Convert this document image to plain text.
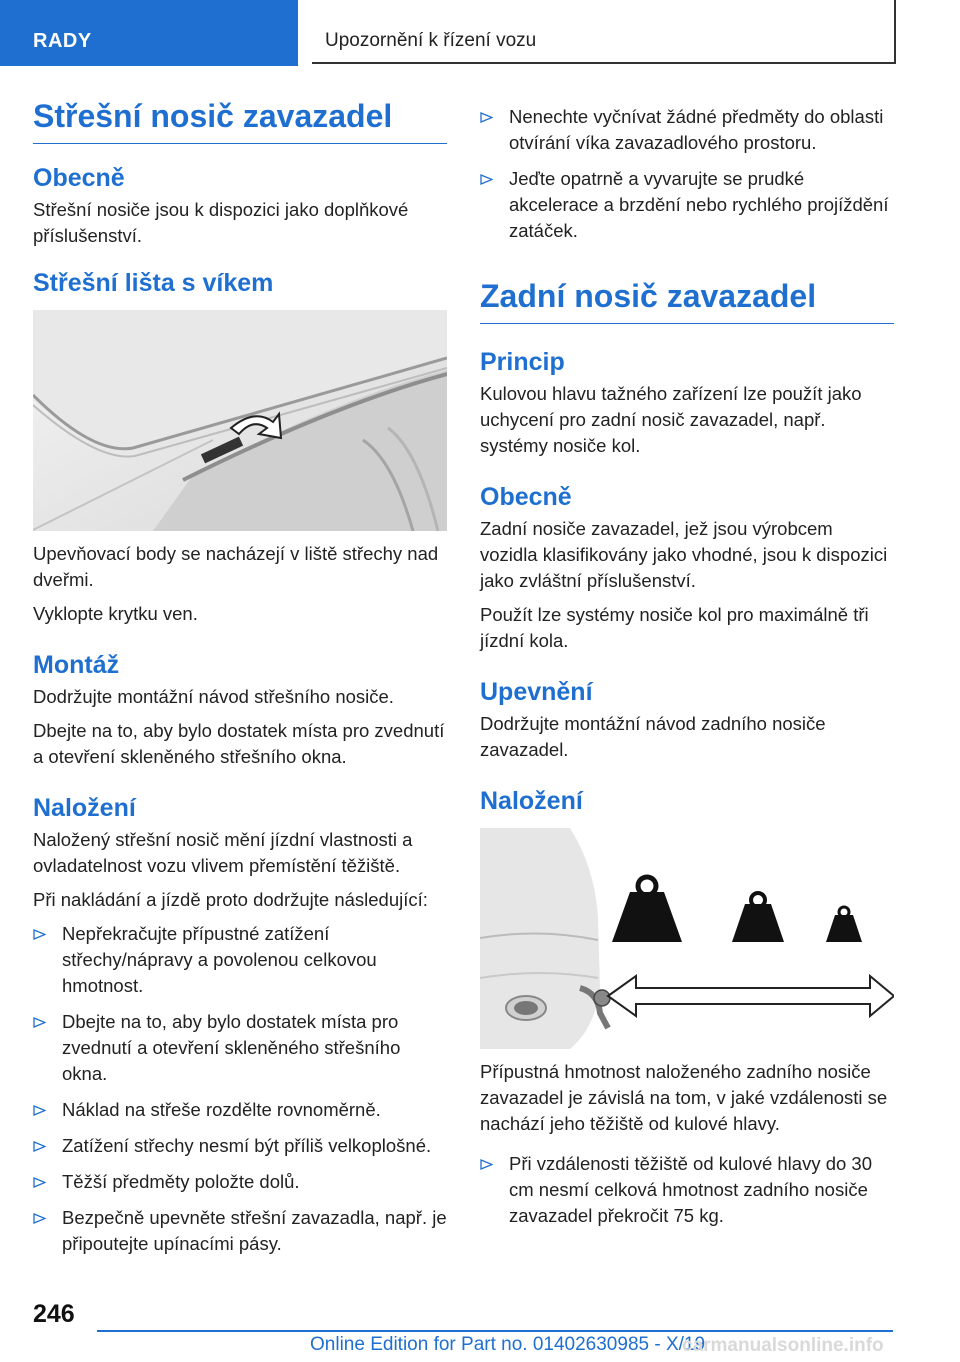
RADY	Upozornění k řízení vozu
Střešní nosič zavazadel
Obecně

Střešní nosiče jsou k dispozici jako doplňkové příslušenství.

Střešní lišta s víkem

Upevňovací body se nacházejí v liště střechy nad dveřmi.

Vyklopte krytku ven.

Montáž

Dodržujte montážní návod střešního nosiče.

Dbejte na to, aby bylo dostatek místa pro zvednutí a otevření skleněného střešního okna.

Naložení

Naložený střešní nosič mění jízdní vlastnosti a ovladatelnost vozu vlivem přemístění těžiště.

Při nakládání a jízdě proto dodržujte následující:

Nepřekračujte přípustné zatížení střechy/nápravy a povolenou celkovou hmotnost.
Dbejte na to, aby bylo dostatek místa pro zvednutí a otevření skleněného střešního okna.
Náklad na střeše rozdělte rovnoměrně.
Zatížení střechy nesmí být příliš velkoplošné.
Těžší předměty položte dolů.
Bezpečně upevněte střešní zavazadla, např. je připoutejte upínacími pásy.
Nenechte vyčnívat žádné předměty do oblasti otvírání víka zavazadlového prostoru.
Jeďte opatrně a vyvarujte se prudké akcelerace a brzdění nebo rychlého projíždění zatáček.
Zadní nosič zavazadel
Princip

Kulovou hlavu tažného zařízení lze použít jako uchycení pro zadní nosič zavazadel, např. systémy nosiče kol.

Obecně

Zadní nosiče zavazadel, jež jsou výrobcem vozidla klasifikovány jako vhodné, jsou k dispozici jako zvláštní příslušenství.

Použít lze systémy nosiče kol pro maximálně tři jízdní kola.

Upevnění

Dodržujte montážní návod zadního nosiče zavazadel.

Naložení

Přípustná hmotnost naloženého zadního nosiče zavazadel je závislá na tom, v jaké vzdálenosti se nachází jeho těžiště od kulové hlavy.

Při vzdálenosti těžiště od kulové hlavy do 30 cm nesmí celková hmotnost zadního nosiče zavazadel překročit 75 kg.
246
Online Edition for Part no. 01402630985 - X/19
carmanualsonline.info
